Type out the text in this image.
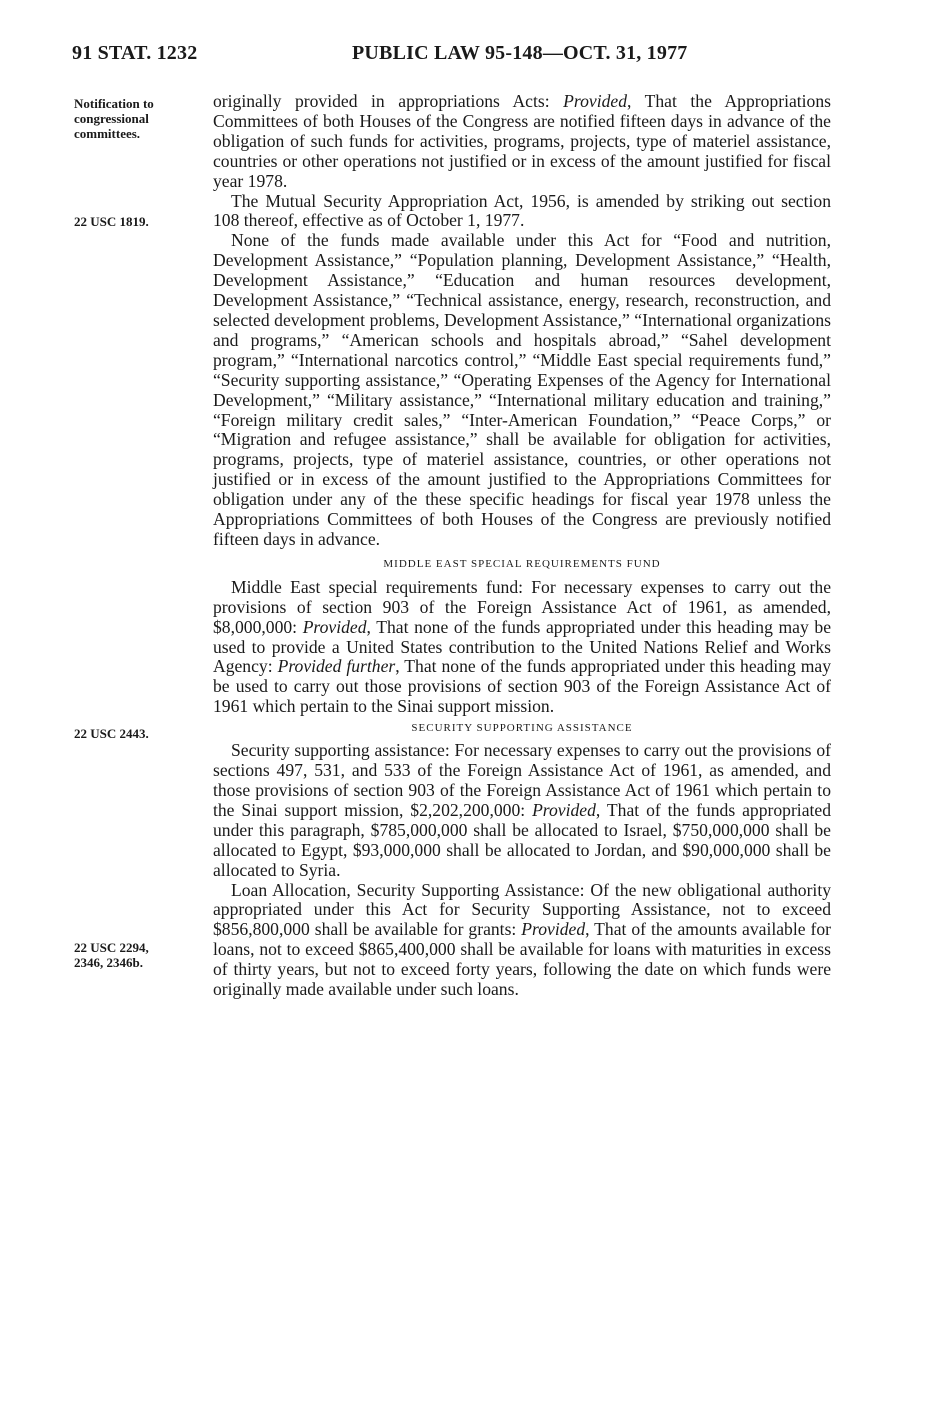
91 STAT. 1232	PUBLIC LAW 95-148—OCT. 31, 1977
Notification to
congressional
committees.
22 USC 1819.
22 USC 2443.
22 USC 2294,
2346, 2346b.

originally provided in appropriations Acts: Provided, That the Appropriations Committees of both Houses of the Congress are notified fifteen days in advance of the obligation of such funds for activities, programs, projects, type of materiel assistance, countries or other operations not justified or in excess of the amount justified for fiscal year 1978.

The Mutual Security Appropriation Act, 1956, is amended by striking out section 108 thereof, effective as of October 1, 1977.

None of the funds made available under this Act for “Food and nutrition, Development Assistance,” “Population planning, Development Assistance,” “Health, Development Assistance,” “Education and human resources development, Development Assistance,” “Technical assistance, energy, research, reconstruction, and selected development problems, Development Assistance,” “International organizations and programs,” “American schools and hospitals abroad,” “Sahel development program,” “International narcotics control,” “Middle East special requirements fund,” “Security supporting assistance,” “Operating Expenses of the Agency for International Development,” “Military assistance,” “International military education and training,” “Foreign military credit sales,” “Inter-American Foundation,” “Peace Corps,” or “Migration and refugee assistance,” shall be available for obligation for activities, programs, projects, type of materiel assistance, countries, or other operations not justified or in excess of the amount justified to the Appropriations Committees for obligation under any of the these specific headings for fiscal year 1978 unless the Appropriations Committees of both Houses of the Congress are previously notified fifteen days in advance.

MIDDLE EAST SPECIAL REQUIREMENTS FUND

Middle East special requirements fund: For necessary expenses to carry out the provisions of section 903 of the Foreign Assistance Act of 1961, as amended, $8,000,000: Provided, That none of the funds appropriated under this heading may be used to provide a United States contribution to the United Nations Relief and Works Agency: Provided further, That none of the funds appropriated under this heading may be used to carry out those provisions of section 903 of the Foreign Assistance Act of 1961 which pertain to the Sinai support mission.

SECURITY SUPPORTING ASSISTANCE

Security supporting assistance: For necessary expenses to carry out the provisions of sections 497, 531, and 533 of the Foreign Assistance Act of 1961, as amended, and those provisions of section 903 of the Foreign Assistance Act of 1961 which pertain to the Sinai support mission, $2,202,200,000: Provided, That of the funds appropriated under this paragraph, $785,000,000 shall be allocated to Israel, $750,000,000 shall be allocated to Egypt, $93,000,000 shall be allocated to Jordan, and $90,000,000 shall be allocated to Syria.

Loan Allocation, Security Supporting Assistance: Of the new obligational authority appropriated under this Act for Security Supporting Assistance, not to exceed $856,800,000 shall be available for grants: Provided, That of the amounts available for loans, not to exceed $865,400,000 shall be available for loans with maturities in excess of thirty years, but not to exceed forty years, following the date on which funds were originally made available under such loans.
